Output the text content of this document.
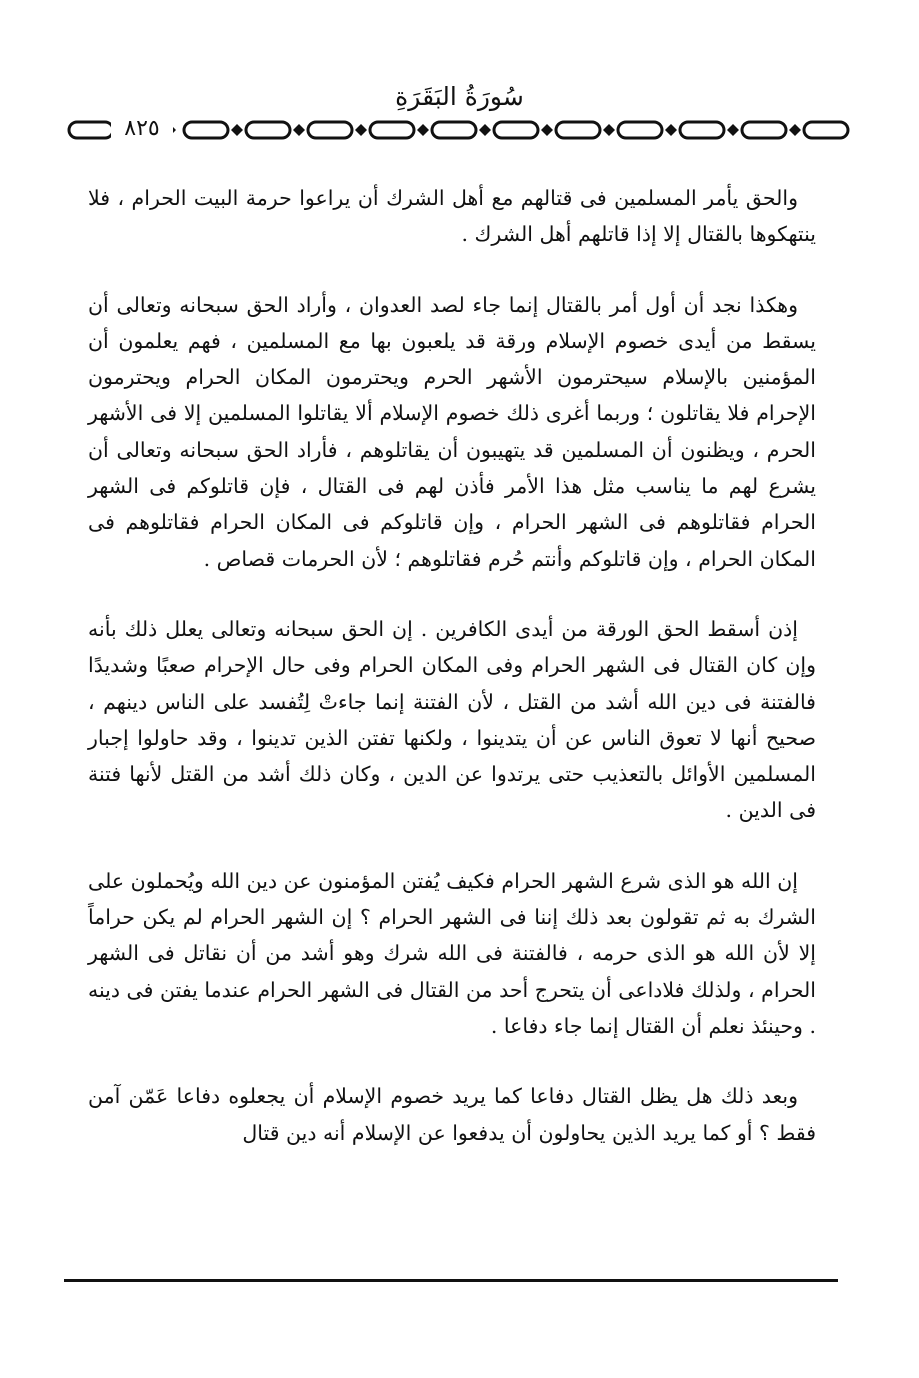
سُورَةُ البَقَرَةِ
٨٢٥

والحق يأمر المسلمين فى قتالهم مع أهل الشرك أن يراعوا حرمة البيت الحرام ، فلا ينتهكوها بالقتال إلا إذا قاتلهم أهل الشرك .

وهكذا نجد أن أول أمر بالقتال إنما جاء لصد العدوان ، وأراد الحق سبحانه وتعالى أن يسقط من أيدى خصوم الإسلام ورقة قد يلعبون بها مع المسلمين ، فهم يعلمون أن المؤمنين بالإسلام سيحترمون الأشهر الحرم ويحترمون المكان الحرام ويحترمون الإحرام فلا يقاتلون ؛ وربما أغرى ذلك خصوم الإسلام ألا يقاتلوا المسلمين إلا فى الأشهر الحرم ، ويظنون أن المسلمين قد يتهيبون أن يقاتلوهم ، فأراد الحق سبحانه وتعالى أن يشرع لهم ما يناسب مثل هذا الأمر فأذن لهم فى القتال ، فإن قاتلوكم فى الشهر الحرام فقاتلوهم فى الشهر الحرام ، وإن قاتلوكم فى المكان الحرام فقاتلوهم فى المكان الحرام ، وإن قاتلوكم وأنتم حُرم فقاتلوهم ؛ لأن الحرمات قصاص .

إذن أسقط الحق الورقة من أيدى الكافرين . إن الحق سبحانه وتعالى يعلل ذلك بأنه وإن كان القتال فى الشهر الحرام وفى المكان الحرام وفى حال الإحرام صعبًا وشديدًا فالفتنة فى دين الله أشد من القتل ، لأن الفتنة إنما جاءتْ لِتُفسد على الناس دينهم ، صحيح أنها لا تعوق الناس عن أن يتدينوا ، ولكنها تفتن الذين تدينوا ، وقد حاولوا إجبار المسلمين الأوائل بالتعذيب حتى يرتدوا عن الدين ، وكان ذلك أشد من القتل لأنها فتنة فى الدين .

إن الله هو الذى شرع الشهر الحرام فكيف يُفتن المؤمنون عن دين الله ويُحملون على الشرك به ثم تقولون بعد ذلك إننا فى الشهر الحرام ؟ إن الشهر الحرام لم يكن حراماً إلا لأن الله هو الذى حرمه ، فالفتنة فى الله شرك وهو أشد من أن نقاتل فى الشهر الحرام ، ولذلك فلاداعى أن يتحرج أحد من القتال فى الشهر الحرام عندما يفتن فى دينه . وحينئذ نعلم أن القتال إنما جاء دفاعا .

وبعد ذلك هل يظل القتال دفاعا كما يريد خصوم الإسلام أن يجعلوه دفاعا عَمّن آمن فقط ؟ أو كما يريد الذين يحاولون أن يدفعوا عن الإسلام أنه دين قتال
